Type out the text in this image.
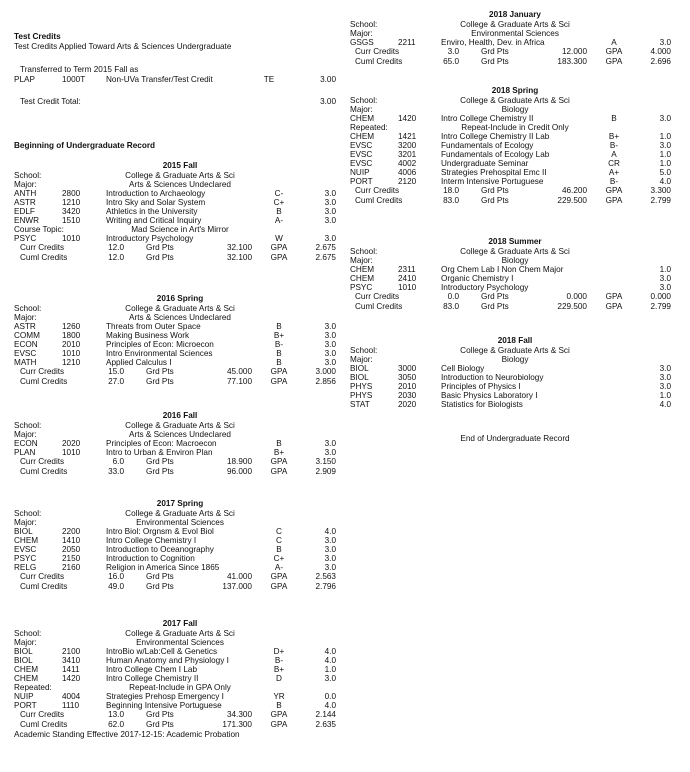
Test Credits
Test Credits Applied Toward Arts & Sciences Undergraduate
Transferred to Term 2015 Fall as
PLAP	1000T	Non-UVa Transfer/Test Credit	TE	3.00
Test Credit Total:	3.00
Beginning of Undergraduate Record
2015 Fall
School:	College & Graduate Arts & Sci
Major:	Arts & Sciences Undeclared
ANTH	2800	Introduction to Archaeology	C-	3.0
ASTR	1210	Intro Sky and Solar System	C+	3.0
EDLF	3420	Athletics in the University	B	3.0
ENWR	1510	Writing and Critical Inquiry	A-	3.0
Course Topic:	Mad Science in Art's Mirror
PSYC	1010	Introductory Psychology	W	3.0
Curr Credits	12.0	Grd Pts	32.100	GPA	2.675
Cuml Credits	12.0	Grd Pts	32.100	GPA	2.675
2016 Spring
School:	College & Graduate Arts & Sci
Major:	Arts & Sciences Undeclared
ASTR	1260	Threats from Outer Space	B	3.0
COMM	1800	Making Business Work	B+	3.0
ECON	2010	Principles of Econ: Microecon	B-	3.0
EVSC	1010	Intro Environmental Sciences	B	3.0
MATH	1210	Applied Calculus I	B	3.0
Curr Credits	15.0	Grd Pts	45.000	GPA	3.000
Cuml Credits	27.0	Grd Pts	77.100	GPA	2.856
2016 Fall
School:	College & Graduate Arts & Sci
Major:	Arts & Sciences Undeclared
ECON	2020	Principles of Econ: Macroecon	B	3.0
PLAN	1010	Intro to Urban & Environ Plan	B+	3.0
Curr Credits	6.0	Grd Pts	18.900	GPA	3.150
Cuml Credits	33.0	Grd Pts	96.000	GPA	2.909
2017 Spring
School:	College & Graduate Arts & Sci
Major:	Environmental Sciences
BIOL	2200	Intro Biol: Orgnsm & Evol Biol	C	4.0
CHEM	1410	Intro College Chemistry I	C	3.0
EVSC	2050	Introduction to Oceanography	B	3.0
PSYC	2150	Introduction to Cognition	C+	3.0
RELG	2160	Religion in America Since 1865	A-	3.0
Curr Credits	16.0	Grd Pts	41.000	GPA	2.563
Cuml Credits	49.0	Grd Pts	137.000	GPA	2.796
2017 Fall
School:	College & Graduate Arts & Sci
Major:	Environmental Sciences
BIOL	2100	IntroBio w/Lab:Cell & Genetics	D+	4.0
BIOL	3410	Human Anatomy and Physiology I	B-	4.0
CHEM	1411	Intro College Chem I Lab	B+	1.0
CHEM	1420	Intro College Chemistry II	D	3.0
Repeated:	Repeat-Include in GPA Only
NUIP	4004	Strategies Prehosp Emergency I	YR	0.0
PORT	1110	Beginning Intensive Portuguese	B	4.0
Curr Credits	13.0	Grd Pts	34.300	GPA	2.144
Cuml Credits	62.0	Grd Pts	171.300	GPA	2.635
Academic Standing Effective 2017-12-15: Academic Probation
2018 January
School:	College & Graduate Arts & Sci
Major:	Environmental Sciences
GSGS	2211	Enviro, Health, Dev. in Africa	A	3.0
Curr Credits	3.0	Grd Pts	12.000	GPA	4.000
Cuml Credits	65.0	Grd Pts	183.300	GPA	2.696
2018 Spring
School:	College & Graduate Arts & Sci
Major:	Biology
CHEM	1420	Intro College Chemistry II	B	3.0
Repeated:	Repeat-Include in Credit Only
CHEM	1421	Intro College Chemistry II Lab	B+	1.0
EVSC	3200	Fundamentals of Ecology	B-	3.0
EVSC	3201	Fundamentals of Ecology Lab	A	1.0
EVSC	4002	Undergraduate Seminar	CR	1.0
NUIP	4006	Strategies Prehospital Emc II	A+	5.0
PORT	2120	Interm Intensive Portuguese	B-	4.0
Curr Credits	18.0	Grd Pts	46.200	GPA	3.300
Cuml Credits	83.0	Grd Pts	229.500	GPA	2.799
2018 Summer
School:	College & Graduate Arts & Sci
Major:	Biology
CHEM	2311	Org Chem Lab I Non Chem Major	1.0
CHEM	2410	Organic Chemistry I	3.0
PSYC	1010	Introductory Psychology	3.0
Curr Credits	0.0	Grd Pts	0.000	GPA	0.000
Cuml Credits	83.0	Grd Pts	229.500	GPA	2.799
2018 Fall
School:	College & Graduate Arts & Sci
Major:	Biology
BIOL	3000	Cell Biology	3.0
BIOL	3050	Introduction to Neurobiology	3.0
PHYS	2010	Principles of Physics I	3.0
PHYS	2030	Basic Physics Laboratory I	1.0
STAT	2020	Statistics for Biologists	4.0
End of Undergraduate Record
